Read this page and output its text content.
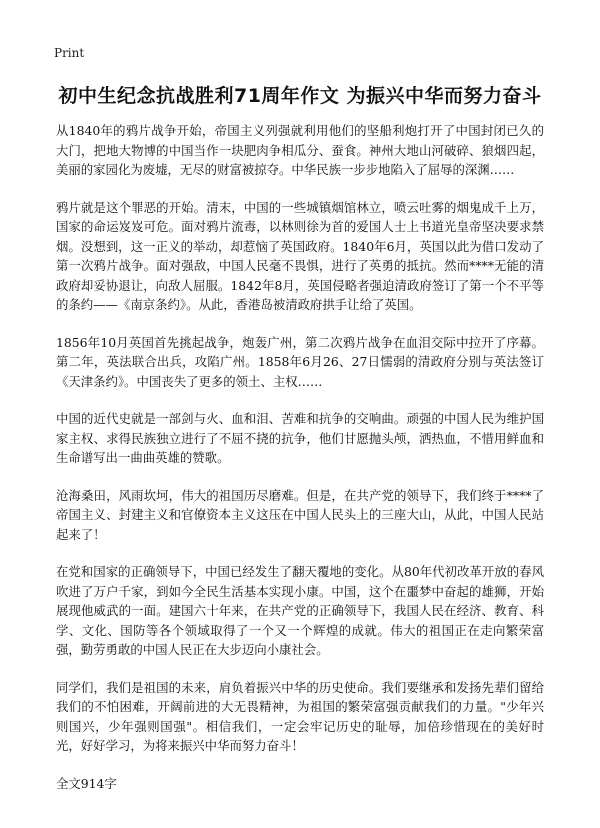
Print
初中生纪念抗战胜利71周年作文 为振兴中华而努力奋斗

从1840年的鸦片战争开始，帝国主义列强就利用他们的坚船利炮打开了中国封闭已久的大门，把地大物博的中国当作一块肥肉争相瓜分、蚕食。神州大地山河破碎、狼烟四起，美丽的家园化为废墟，无尽的财富被掠夺。中华民族一步步地陷入了屈辱的深渊……

鸦片就是这个罪恶的开始。清末，中国的一些城镇烟馆林立，喷云吐雾的烟鬼成千上万，国家的命运岌岌可危。面对鸦片流毒，以林则徐为首的爱国人士上书道光皇帝坚决要求禁烟。没想到，这一正义的举动，却惹恼了英国政府。1840年6月，英国以此为借口发动了第一次鸦片战争。面对强敌，中国人民毫不畏惧，进行了英勇的抵抗。然而****无能的清政府却妥协退让，向敌人屈服。1842年8月，英国侵略者强迫清政府签订了第一个不平等的条约——《南京条约》。从此，香港岛被清政府拱手让给了英国。

1856年10月英国首先挑起战争，炮轰广州，第二次鸦片战争在血泪交际中拉开了序幕。第二年，英法联合出兵，攻陷广州。1858年6月26、27日懦弱的清政府分别与英法签订《天津条约》。中国丧失了更多的领土、主权……

中国的近代史就是一部剑与火、血和泪、苦难和抗争的交响曲。顽强的中国人民为维护国家主权、求得民族独立进行了不屈不挠的抗争，他们甘愿抛头颅，洒热血，不惜用鲜血和生命谱写出一曲曲英雄的赞歌。

沧海桑田，风雨坎坷，伟大的祖国历尽磨难。但是，在共产党的领导下，我们终于****了帝国主义、封建主义和官僚资本主义这压在中国人民头上的三座大山，从此，中国人民站起来了！

在党和国家的正确领导下，中国已经发生了翻天覆地的变化。从80年代初改革开放的春风吹进了万户千家，到如今全民生活基本实现小康。中国，这个在噩梦中奋起的雄狮，开始展现他威武的一面。建国六十年来，在共产党的正确领导下，我国人民在经济、教育、科学、文化、国防等各个领域取得了一个又一个辉煌的成就。伟大的祖国正在走向繁荣富强，勤劳勇敢的中国人民正在大步迈向小康社会。

同学们，我们是祖国的未来，肩负着振兴中华的历史使命。我们要继承和发扬先辈们留给我们的不怕困难，开阔前进的大无畏精神，为祖国的繁荣富强贡献我们的力量。"少年兴则国兴，少年强则国强"。相信我们，一定会牢记历史的耻辱，加倍珍惜现在的美好时光，好好学习，为将来振兴中华而努力奋斗！

全文914字
